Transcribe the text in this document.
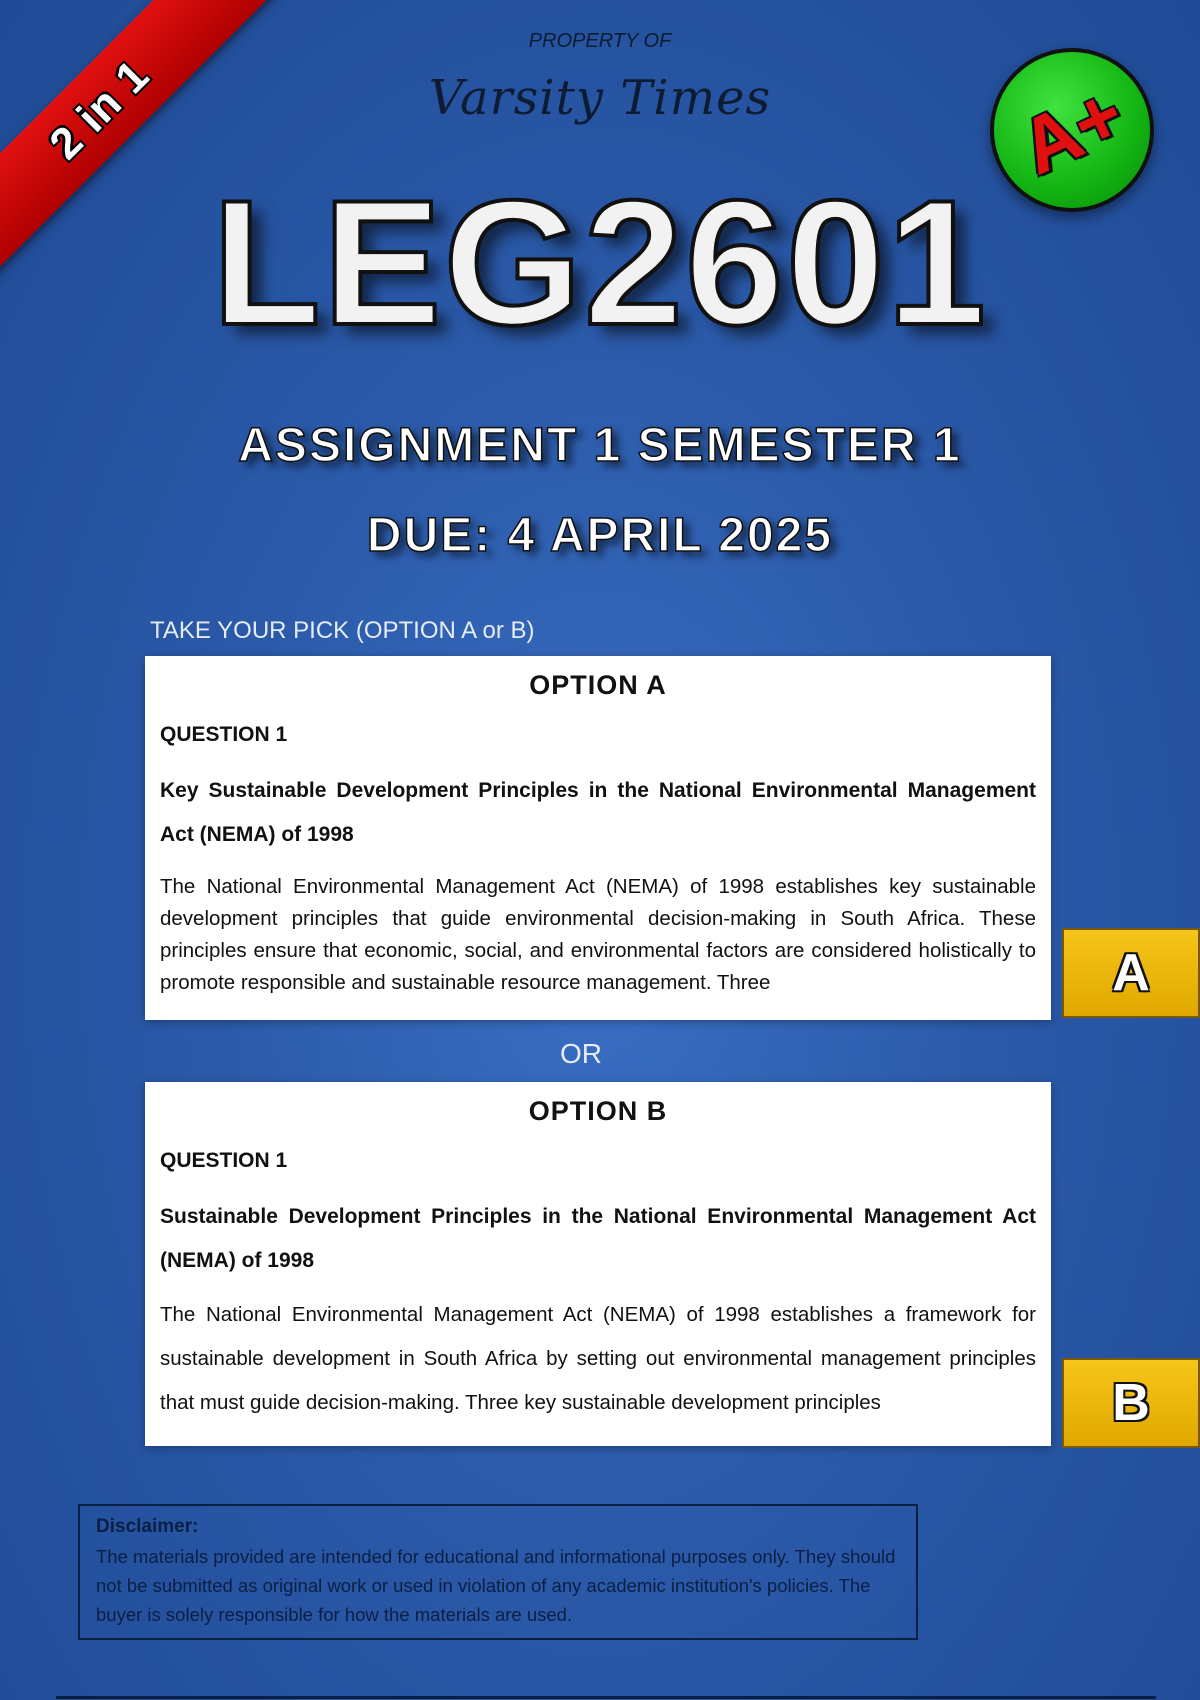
2 in 1
PROPERTY OF
Varsity Times	A+
LEG2601
ASSIGNMENT 1 SEMESTER 1
DUE: 4 APRIL 2025
TAKE YOUR PICK (OPTION A or B)
OPTION A

QUESTION 1

Key Sustainable Development Principles in the National Environmental Management Act (NEMA) of 1998

The National Environmental Management Act (NEMA) of 1998 establishes key sustainable development principles that guide environmental decision-making in South Africa. These principles ensure that economic, social, and environmental factors are considered holistically to promote responsible and sustainable resource management. Three	A
OR
OPTION B

QUESTION 1

Sustainable Development Principles in the National Environmental Management Act (NEMA) of 1998

The National Environmental Management Act (NEMA) of 1998 establishes a framework for sustainable development in South Africa by setting out environmental management principles that must guide decision-making. Three key sustainable development principles	B
Disclaimer:
The materials provided are intended for educational and informational purposes only. They should not be submitted as original work or used in violation of any academic institution's policies. The buyer is solely responsible for how the materials are used.
